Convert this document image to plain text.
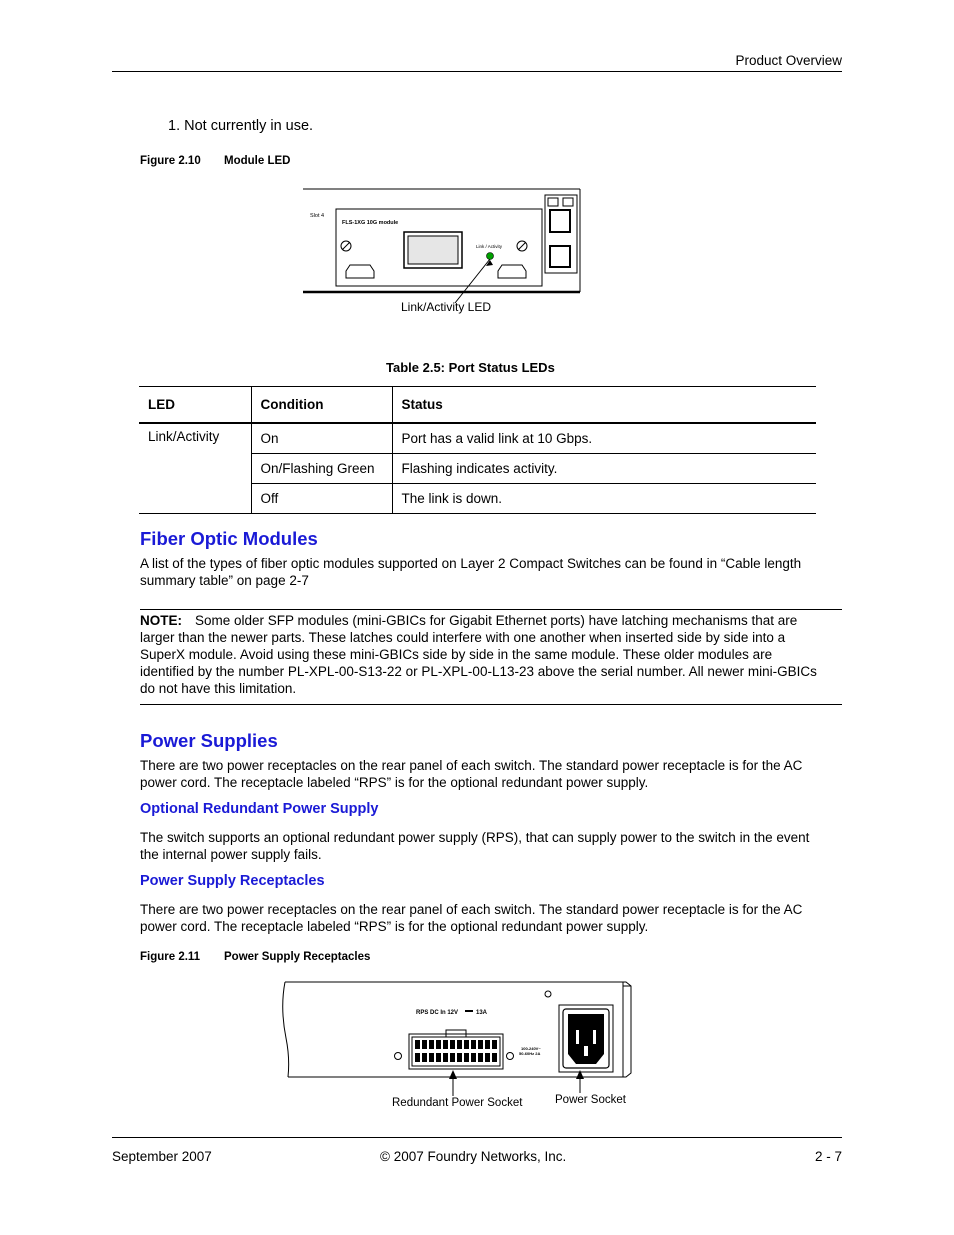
Product Overview
1. Not currently in use.
Figure 2.10 Module LED
Slot 4
FLS-1XG 10G module
Link / Activity
Link/Activity LED
Table 2.5: Port Status LEDs
LED	Condition	Status
Link/Activity	On	Port has a valid link at 10 Gbps.
	On/Flashing Green	Flashing indicates activity.
	Off	The link is down.
Fiber Optic Modules
A list of the types of fiber optic modules supported on Layer 2 Compact Switches can be found in “Cable length
summary table” on page 2-7
NOTE: Some older SFP modules (mini-GBICs for Gigabit Ethernet ports) have latching mechanisms that are
larger than the newer parts. These latches could interfere with one another when inserted side by side into a
SuperX module. Avoid using these mini-GBICs side by side in the same module. These older modules are
identified by the number PL-XPL-00-S13-22 or PL-XPL-00-L13-23 above the serial number. All newer mini-GBICs
do not have this limitation.
Power Supplies
There are two power receptacles on the rear panel of each switch. The standard power receptacle is for the AC
power cord. The receptacle labeled “RPS” is for the optional redundant power supply.
Optional Redundant Power Supply
The switch supports an optional redundant power supply (RPS), that can supply power to the switch in the event
the internal power supply fails.
Power Supply Receptacles
There are two power receptacles on the rear panel of each switch. The standard power receptacle is for the AC
power cord. The receptacle labeled “RPS” is for the optional redundant power supply.
Figure 2.11 Power Supply Receptacles
RPS DC In 12V	13A
100-240V~
50-60Hz 2A
Redundant Power Socket	Power Socket
September 2007	© 2007 Foundry Networks, Inc.	2 - 7
